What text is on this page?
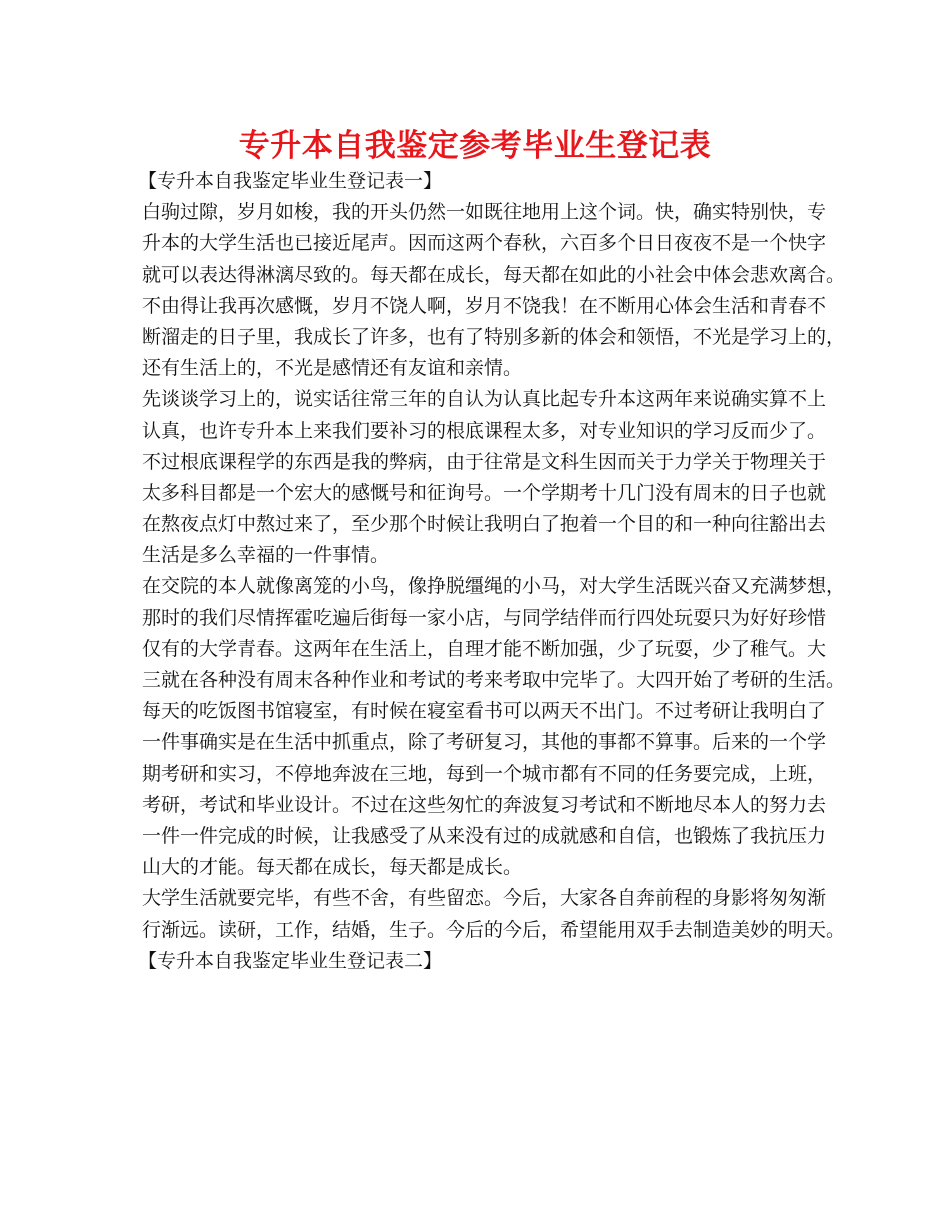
专升本自我鉴定参考毕业生登记表
【专升本自我鉴定毕业生登记表一】
白驹过隙，岁月如梭，我的开头仍然一如既往地用上这个词。快，确实特别快，专
升本的大学生活也已接近尾声。因而这两个春秋，六百多个日日夜夜不是一个快字
就可以表达得淋漓尽致的。每天都在成长，每天都在如此的小社会中体会悲欢离合。
不由得让我再次感慨，岁月不饶人啊，岁月不饶我！在不断用心体会生活和青春不
断溜走的日子里，我成长了许多，也有了特别多新的体会和领悟，不光是学习上的，
还有生活上的，不光是感情还有友谊和亲情。
先谈谈学习上的，说实话往常三年的自认为认真比起专升本这两年来说确实算不上
认真，也许专升本上来我们要补习的根底课程太多，对专业知识的学习反而少了。
不过根底课程学的东西是我的弊病，由于往常是文科生因而关于力学关于物理关于
太多科目都是一个宏大的感慨号和征询号。一个学期考十几门没有周末的日子也就
在熬夜点灯中熬过来了，至少那个时候让我明白了抱着一个目的和一种向往豁出去
生活是多么幸福的一件事情。
在交院的本人就像离笼的小鸟，像挣脱缰绳的小马，对大学生活既兴奋又充满梦想，
那时的我们尽情挥霍吃遍后街每一家小店，与同学结伴而行四处玩耍只为好好珍惜
仅有的大学青春。这两年在生活上，自理才能不断加强，少了玩耍，少了稚气。大
三就在各种没有周末各种作业和考试的考来考取中完毕了。大四开始了考研的生活。
每天的吃饭图书馆寝室，有时候在寝室看书可以两天不出门。不过考研让我明白了
一件事确实是在生活中抓重点，除了考研复习，其他的事都不算事。后来的一个学
期考研和实习，不停地奔波在三地，每到一个城市都有不同的任务要完成，上班，
考研，考试和毕业设计。不过在这些匆忙的奔波复习考试和不断地尽本人的努力去
一件一件完成的时候，让我感受了从来没有过的成就感和自信，也锻炼了我抗压力
山大的才能。每天都在成长，每天都是成长。
大学生活就要完毕，有些不舍，有些留恋。今后，大家各自奔前程的身影将匆匆渐
行渐远。读研，工作，结婚，生子。今后的今后，希望能用双手去制造美妙的明天。
【专升本自我鉴定毕业生登记表二】
